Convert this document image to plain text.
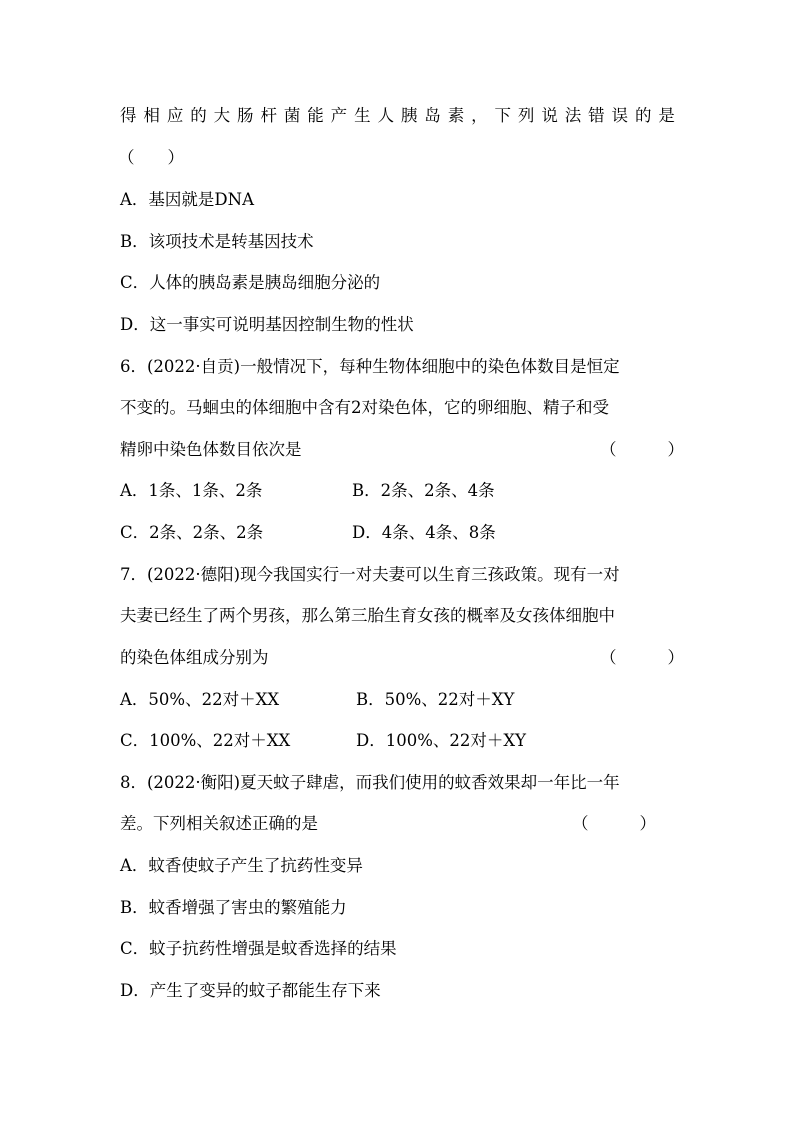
得 相 应 的 大 肠 杆 菌 能 产 生 人 胰 岛 素 ， 下 列 说 法 错 误 的 是
（　　）
A．基因就是DNA
B．该项技术是转基因技术
C．人体的胰岛素是胰岛细胞分泌的
D．这一事实可说明基因控制生物的性状
6．(2022·自贡)一般情况下，每种生物体细胞中的染色体数目是恒定
不变的。马蛔虫的体细胞中含有2对染色体，它的卵细胞、精子和受
精卵中染色体数目依次是	（　　）
A．1条、1条、2条	B．2条、2条、4条
C．2条、2条、2条	D．4条、4条、8条
7．(2022·德阳)现今我国实行一对夫妻可以生育三孩政策。现有一对
夫妻已经生了两个男孩，那么第三胎生育女孩的概率及女孩体细胞中
的染色体组成分别为	（　　）
A．50%、22对＋XX	B．50%、22对＋XY
C．100%、22对＋XX	D．100%、22对＋XY
8．(2022·衡阳)夏天蚊子肆虐，而我们使用的蚊香效果却一年比一年
差。下列相关叙述正确的是	（　　）
A．蚊香使蚊子产生了抗药性变异
B．蚊香增强了害虫的繁殖能力
C．蚊子抗药性增强是蚊香选择的结果
D．产生了变异的蚊子都能生存下来
